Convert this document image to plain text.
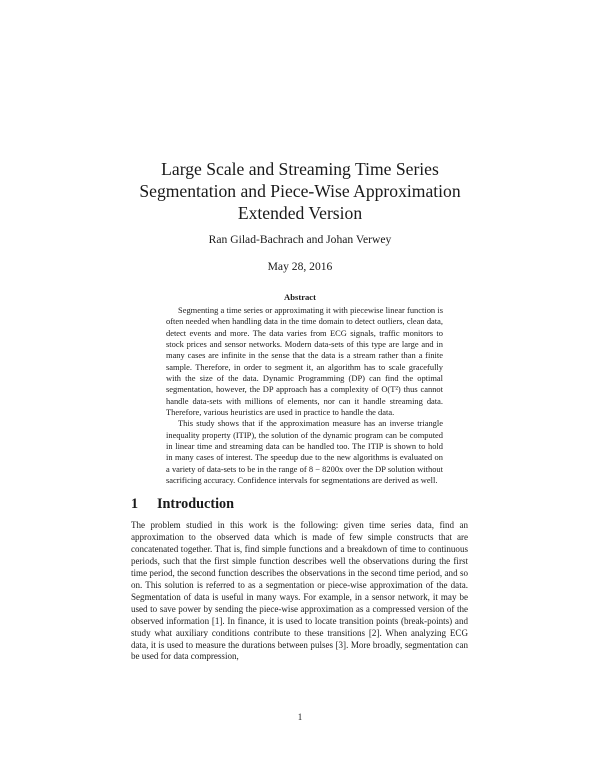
Large Scale and Streaming Time Series
Segmentation and Piece-Wise Approximation
Extended Version
Ran Gilad-Bachrach and Johan Verwey
May 28, 2016
Abstract

Segmenting a time series or approximating it with piecewise linear function is often needed when handling data in the time domain to detect outliers, clean data, detect events and more. The data varies from ECG signals, traffic monitors to stock prices and sensor networks. Modern data-sets of this type are large and in many cases are infinite in the sense that the data is a stream rather than a finite sample. Therefore, in order to segment it, an algorithm has to scale gracefully with the size of the data. Dynamic Programming (DP) can find the optimal segmentation, however, the DP approach has a complexity of O(T²) thus cannot handle data-sets with millions of elements, nor can it handle streaming data. Therefore, various heuristics are used in practice to handle the data.

This study shows that if the approximation measure has an inverse triangle inequality property (ITIP), the solution of the dynamic program can be computed in linear time and streaming data can be handled too. The ITIP is shown to hold in many cases of interest. The speedup due to the new algorithms is evaluated on a variety of data-sets to be in the range of 8 − 8200x over the DP solution without sacrificing accuracy. Confidence intervals for segmentations are derived as well.

1 Introduction

The problem studied in this work is the following: given time series data, find an approximation to the observed data which is made of few simple constructs that are concatenated together. That is, find simple functions and a breakdown of time to continuous periods, such that the first simple function describes well the observations during the first time period, the second function describes the observations in the second time period, and so on. This solution is referred to as a segmentation or piece-wise approximation of the data. Segmentation of data is useful in many ways. For example, in a sensor network, it may be used to save power by sending the piece-wise approximation as a compressed version of the observed information [1]. In finance, it is used to locate transition points (break-points) and study what auxiliary conditions contribute to these transitions [2]. When analyzing ECG data, it is used to measure the durations between pulses [3]. More broadly, segmentation can be used for data compression,

1
